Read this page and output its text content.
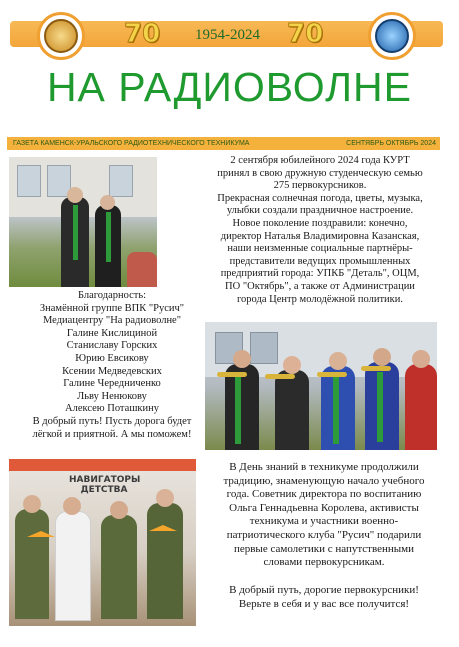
70 1954-2024 70
НА РАДИОВОЛНЕ
ГАЗЕТА КАМЕНСК-УРАЛЬСКОГО РАДИОТЕХНИЧЕСКОГО ТЕХНИКУМА	СЕНТЯБРЬ ОКТЯБРЬ 2024
2 сентября юбилейного 2024 года КУРТ
принял в свою дружную студенческую семью
275 первокурсников.
Прекрасная солнечная погода, цветы, музыка,
улыбки создали праздничное настроение.
Новое поколение поздравили: конечно,
директор Наталья Владимировна Казанская,
наши неизменные социальные партнёры-
представители ведущих промышленных
предприятий города: УПКБ "Деталь", ОЦМ,
ПО "Октябрь", а также от Администрации
города Центр молодёжной политики.
Благодарность:
Знамённой группе ВПК "Русич"
Медиацентру "На радиоволне"
Галине Кислициной
Станиславу Горских
Юрию Евсикову
Ксении Медведевских
Галине Чередниченко
Льву Ненюкову
Алексею Поташкину
В добрый путь! Пусть дорога будет
лёгкой и приятной. А мы поможем!
НАВИГАТОРЫ ДЕТСТВА
В День знаний в техникуме продолжили
традицию, знаменующую начало учебного
года. Советник директора по воспитанию
Ольга Геннадьевна Королева, активисты
техникума и участники военно-
патриотического клуба "Русич" подарили
первые самолетики с напутственными
словами первокурсникам.
В добрый путь, дорогие первокурсники!
Верьте в себя и у вас все получится!
